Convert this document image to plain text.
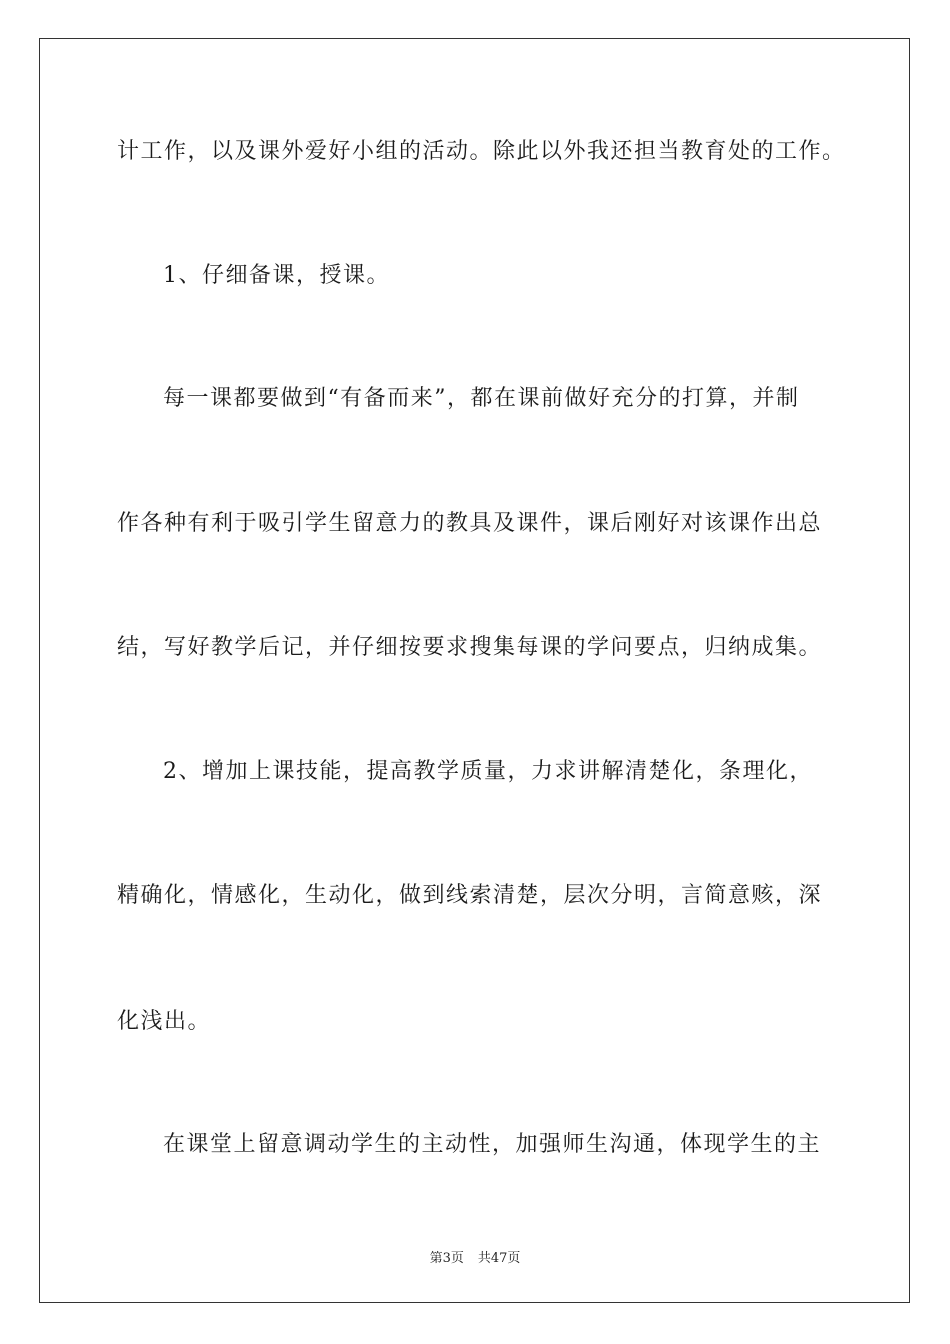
计工作，以及课外爱好小组的活动。除此以外我还担当教育处的工作。
1、仔细备课，授课。
每一课都要做到“有备而来”，都在课前做好充分的打算，并制
作各种有利于吸引学生留意力的教具及课件，课后刚好对该课作出总
结，写好教学后记，并仔细按要求搜集每课的学问要点，归纳成集。
2、增加上课技能，提高教学质量，力求讲解清楚化，条理化，
精确化，情感化，生动化，做到线索清楚，层次分明，言简意赅，深
化浅出。
在课堂上留意调动学生的主动性，加强师生沟通，体现学生的主
第3页 共47页
